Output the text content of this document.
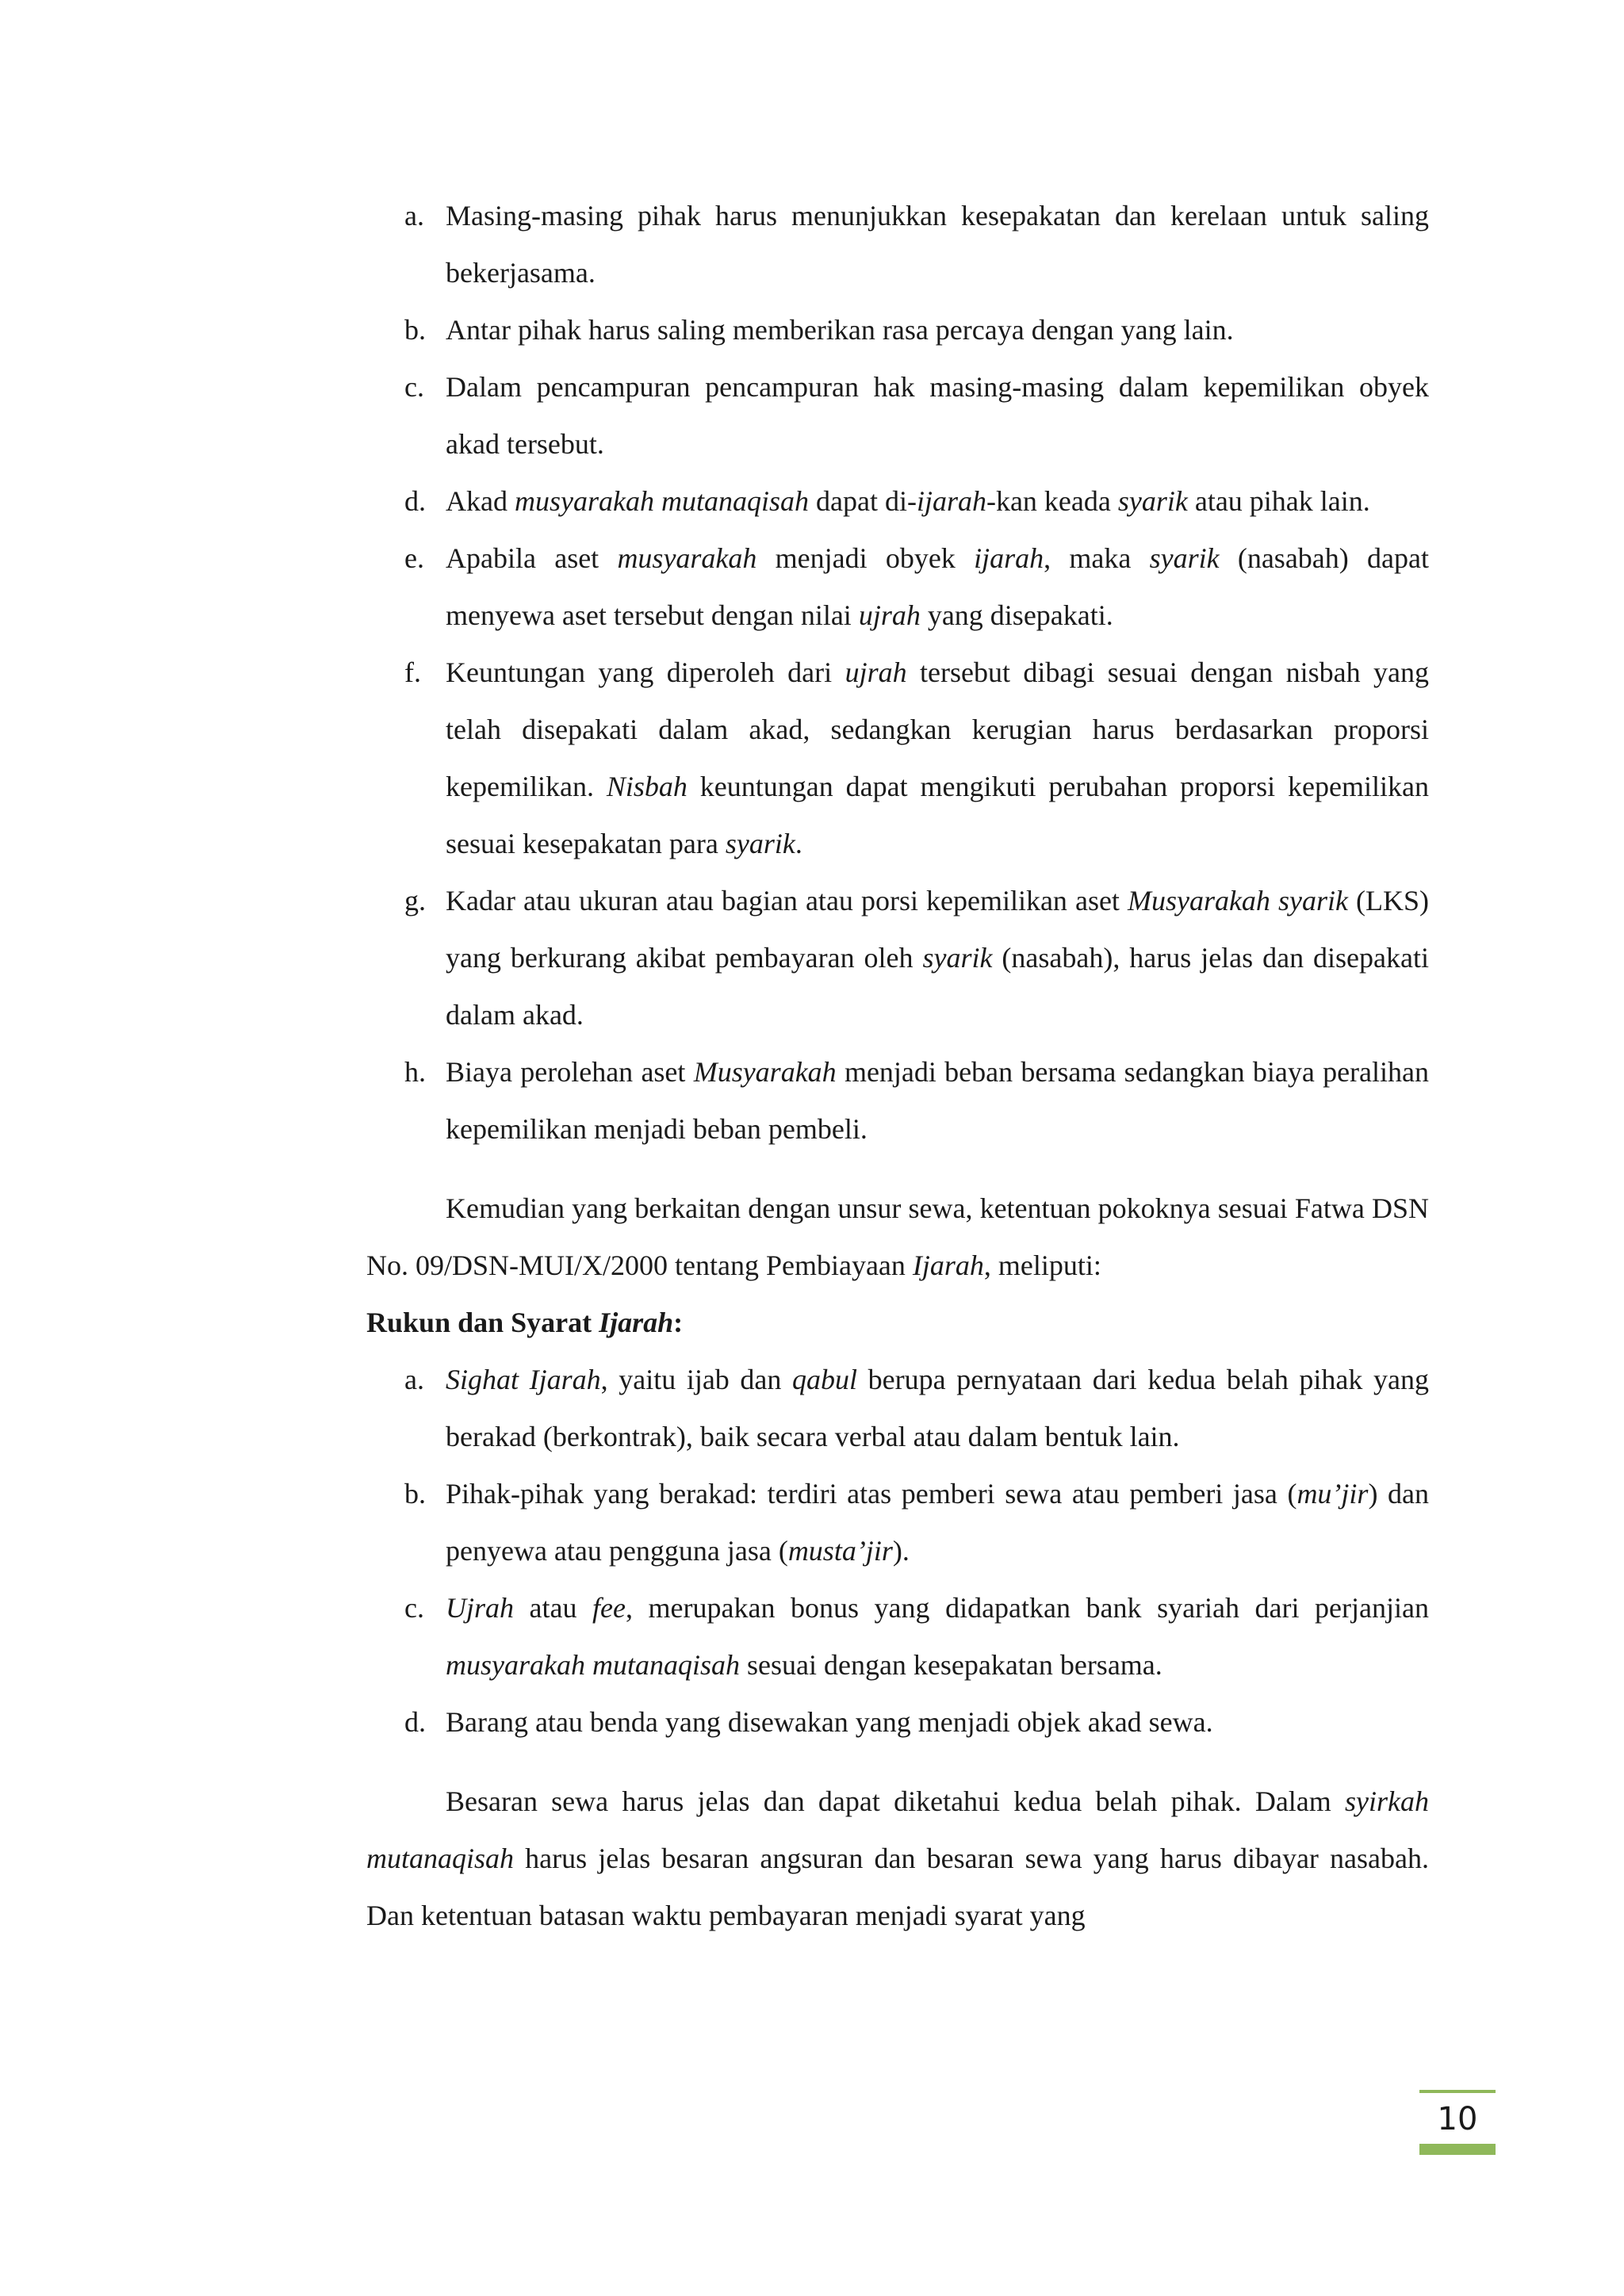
a. Masing-masing pihak harus menunjukkan kesepakatan dan kerelaan untuk saling bekerjasama.
b. Antar pihak harus saling memberikan rasa percaya dengan yang lain.
c. Dalam pencampuran pencampuran hak masing-masing dalam kepemilikan obyek akad tersebut.
d. Akad musyarakah mutanaqisah dapat di-ijarah-kan keada syarik atau pihak lain.
e. Apabila aset musyarakah menjadi obyek ijarah, maka syarik (nasabah) dapat menyewa aset tersebut dengan nilai ujrah yang disepakati.
f. Keuntungan yang diperoleh dari ujrah tersebut dibagi sesuai dengan nisbah yang telah disepakati dalam akad, sedangkan kerugian harus berdasarkan proporsi kepemilikan. Nisbah keuntungan dapat mengikuti perubahan proporsi kepemilikan sesuai kesepakatan para syarik.
g. Kadar atau ukuran atau bagian atau porsi kepemilikan aset Musyarakah syarik (LKS) yang berkurang akibat pembayaran oleh syarik (nasabah), harus jelas dan disepakati dalam akad.
h. Biaya perolehan aset Musyarakah menjadi beban bersama sedangkan biaya peralihan kepemilikan menjadi beban pembeli.

Kemudian yang berkaitan dengan unsur sewa, ketentuan pokoknya sesuai Fatwa DSN No. 09/DSN-MUI/X/2000 tentang Pembiayaan Ijarah, meliputi:

Rukun dan Syarat Ijarah:

a. Sighat Ijarah, yaitu ijab dan qabul berupa pernyataan dari kedua belah pihak yang berakad (berkontrak), baik secara verbal atau dalam bentuk lain.
b. Pihak-pihak yang berakad: terdiri atas pemberi sewa atau pemberi jasa (mu’jir) dan penyewa atau pengguna jasa (musta’jir).
c. Ujrah atau fee, merupakan bonus yang didapatkan bank syariah dari perjanjian musyarakah mutanaqisah sesuai dengan kesepakatan bersama.
d. Barang atau benda yang disewakan yang menjadi objek akad sewa.

Besaran sewa harus jelas dan dapat diketahui kedua belah pihak. Dalam syirkah mutanaqisah harus jelas besaran angsuran dan besaran sewa yang harus dibayar nasabah. Dan ketentuan batasan waktu pembayaran menjadi syarat yang

10
